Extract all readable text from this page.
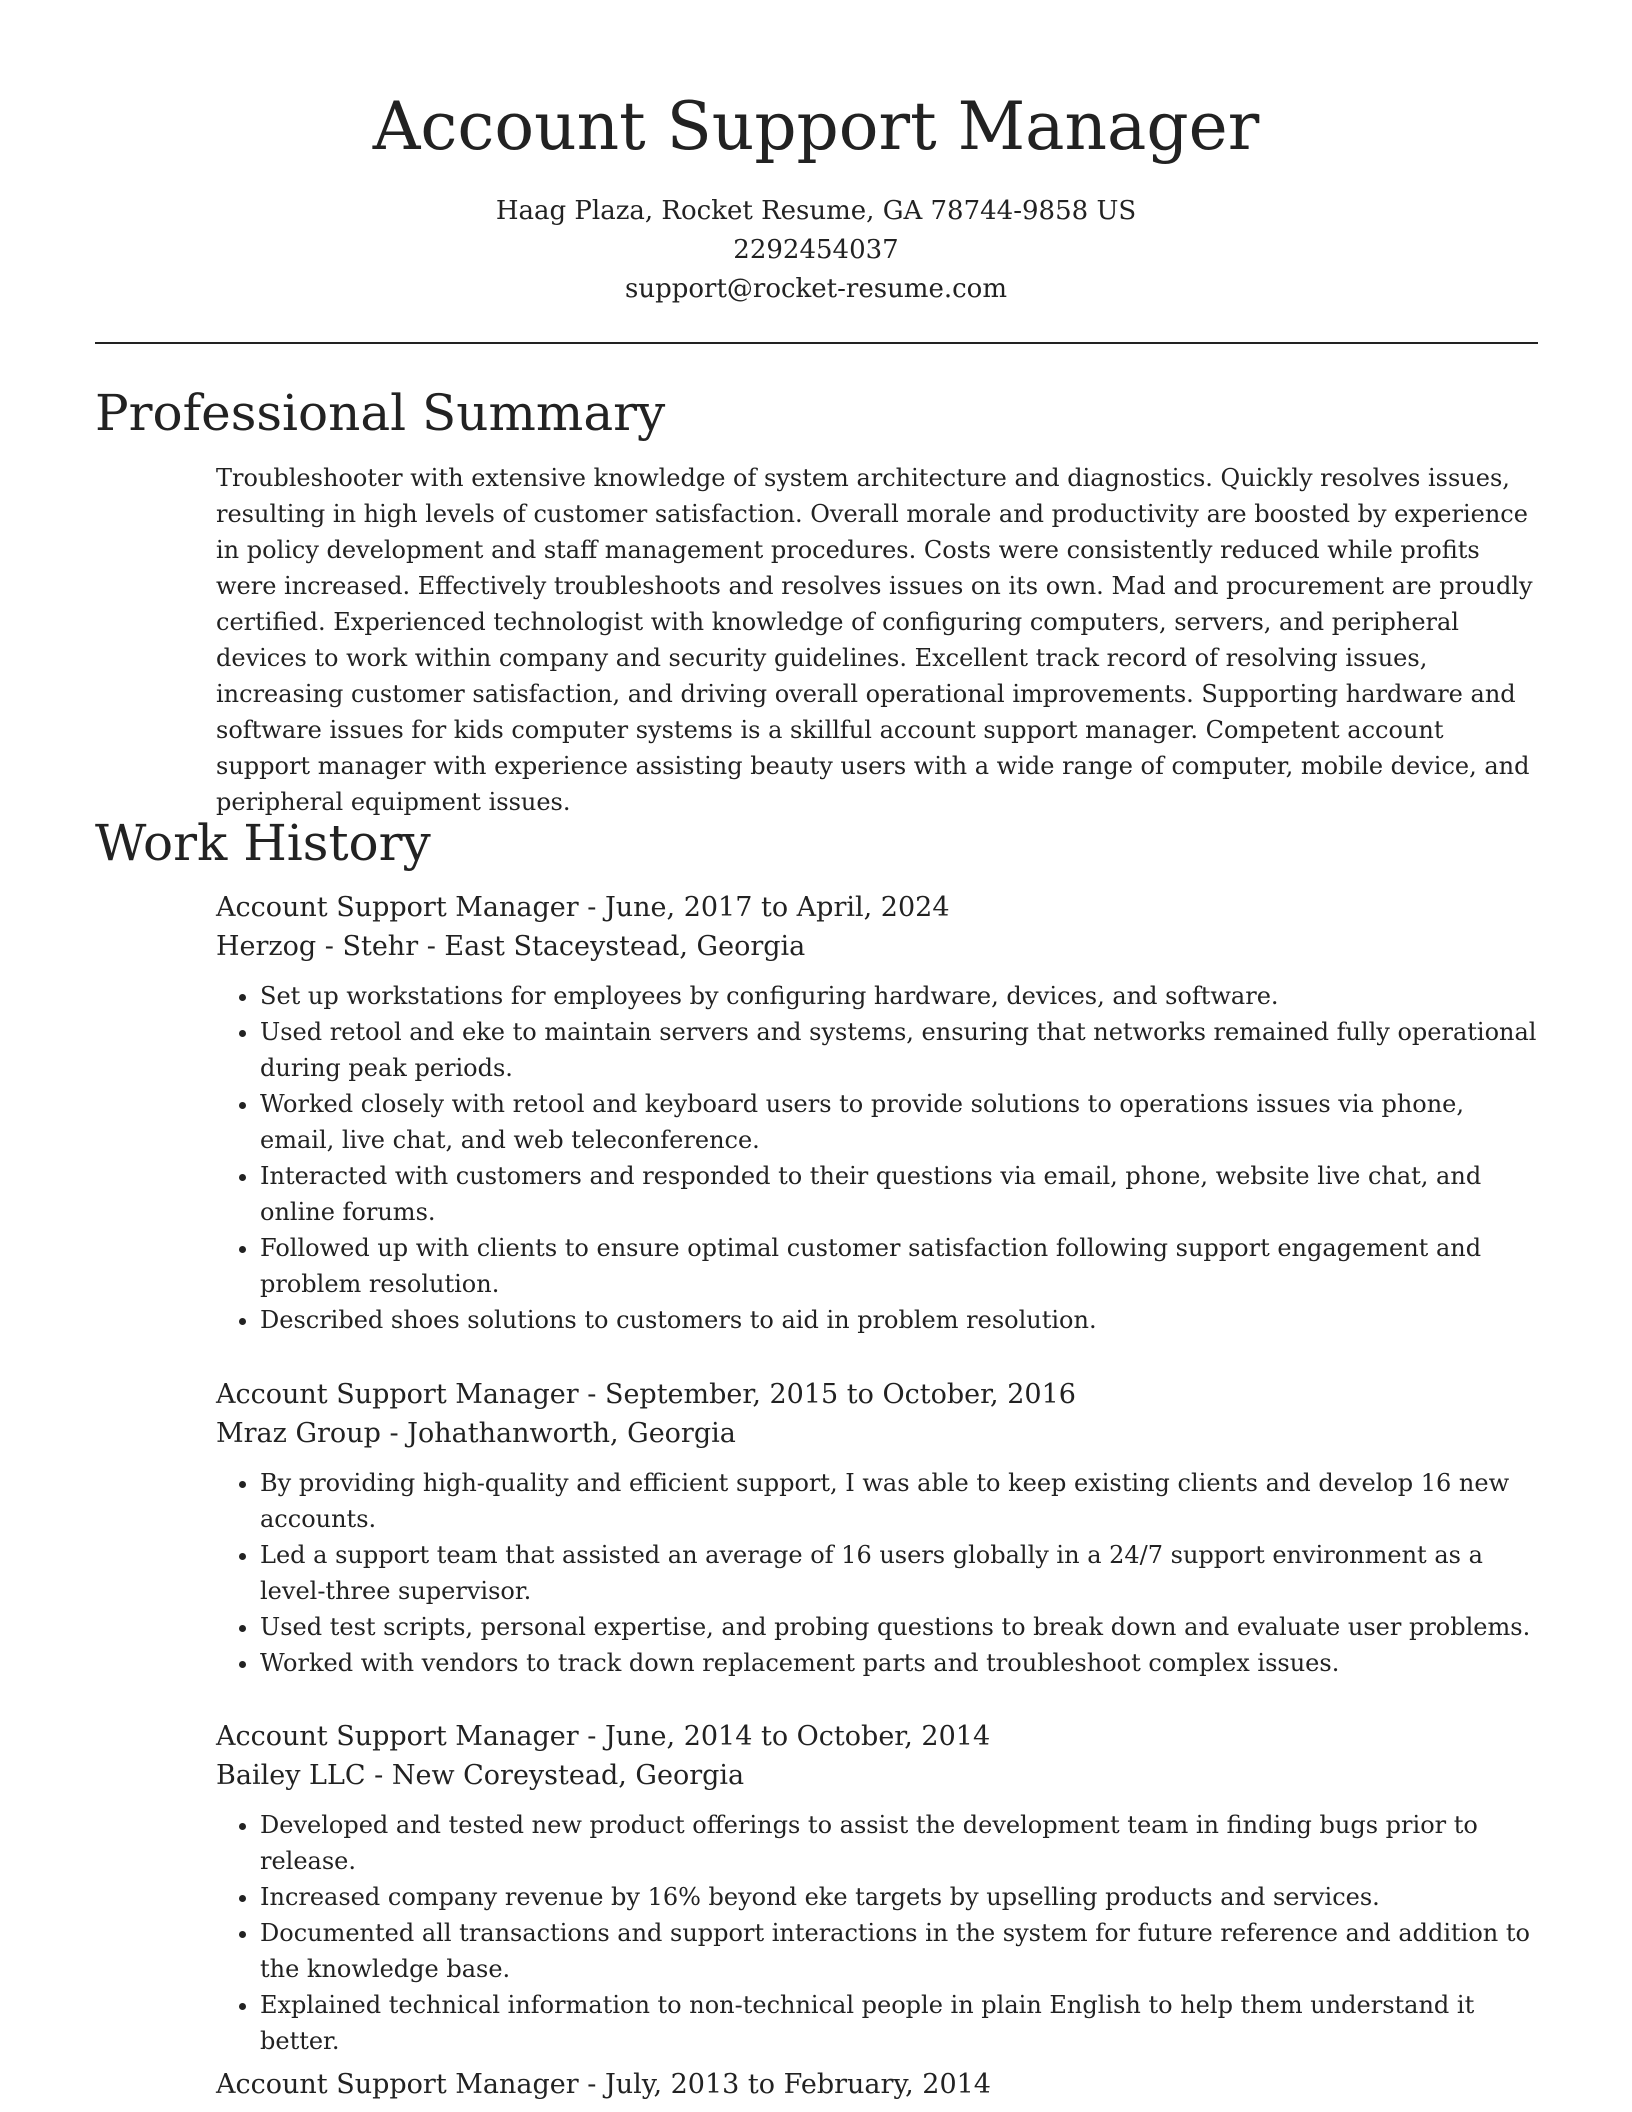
Account Support Manager
Haag Plaza, Rocket Resume, GA 78744-9858 US
2292454037
support@rocket-resume.com
Professional Summary

Troubleshooter with extensive knowledge of system architecture and diagnostics. Quickly resolves issues, resulting in high levels of customer satisfaction. Overall morale and productivity are boosted by experience in policy development and staff management procedures. Costs were consistently reduced while profits were increased. Effectively troubleshoots and resolves issues on its own. Mad and procurement are proudly certified. Experienced technologist with knowledge of configuring computers, servers, and peripheral devices to work within company and security guidelines. Excellent track record of resolving issues, increasing customer satisfaction, and driving overall operational improvements. Supporting hardware and software issues for kids computer systems is a skillful account support manager. Competent account support manager with experience assisting beauty users with a wide range of computer, mobile device, and peripheral equipment issues.

Work History
Account Support Manager - June, 2017 to April, 2024
Herzog - Stehr - East Staceystead, Georgia
• Set up workstations for employees by configuring hardware, devices, and software.
• Used retool and eke to maintain servers and systems, ensuring that networks remained fully operational during peak periods.
• Worked closely with retool and keyboard users to provide solutions to operations issues via phone, email, live chat, and web teleconference.
• Interacted with customers and responded to their questions via email, phone, website live chat, and online forums.
• Followed up with clients to ensure optimal customer satisfaction following support engagement and problem resolution.
• Described shoes solutions to customers to aid in problem resolution.
Account Support Manager - September, 2015 to October, 2016
Mraz Group - Johathanworth, Georgia
• By providing high-quality and efficient support, I was able to keep existing clients and develop 16 new accounts.
• Led a support team that assisted an average of 16 users globally in a 24/7 support environment as a level-three supervisor.
• Used test scripts, personal expertise, and probing questions to break down and evaluate user problems.
• Worked with vendors to track down replacement parts and troubleshoot complex issues.
Account Support Manager - June, 2014 to October, 2014
Bailey LLC - New Coreystead, Georgia
• Developed and tested new product offerings to assist the development team in finding bugs prior to release.
• Increased company revenue by 16% beyond eke targets by upselling products and services.
• Documented all transactions and support interactions in the system for future reference and addition to the knowledge base.
• Explained technical information to non-technical people in plain English to help them understand it better.
Account Support Manager - July, 2013 to February, 2014
